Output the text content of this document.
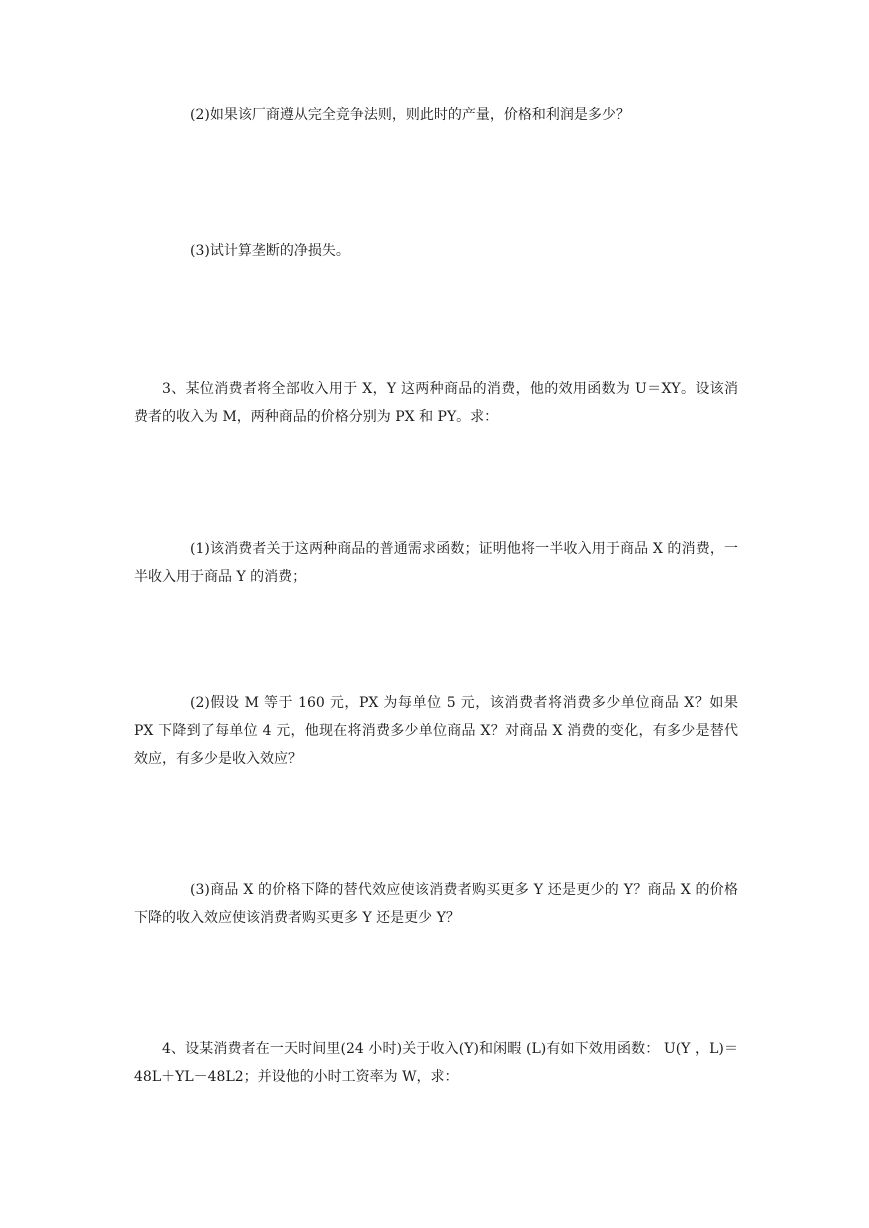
(2)如果该厂商遵从完全竞争法则，则此时的产量，价格和利润是多少？

(3)试计算垄断的净损失。

3、某位消费者将全部收入用于 X，Y 这两种商品的消费，他的效用函数为 U＝XY。设该消费者的收入为 M，两种商品的价格分别为 PX 和 PY。求：

(1)该消费者关于这两种商品的普通需求函数；证明他将一半收入用于商品 X 的消费，一半收入用于商品 Y 的消费；

(2)假设 M 等于 160 元，PX 为每单位 5 元，该消费者将消费多少单位商品 X？如果 PX 下降到了每单位 4 元，他现在将消费多少单位商品 X？对商品 X 消费的变化，有多少是替代效应，有多少是收入效应？

(3)商品 X 的价格下降的替代效应使该消费者购买更多 Y 还是更少的 Y？商品 X 的价格下降的收入效应使该消费者购买更多 Y 还是更少 Y？

4、设某消费者在一天时间里(24 小时)关于收入(Y)和闲暇 (L)有如下效用函数： U(Y ，L)＝ 48L＋YL－48L2；并设他的小时工资率为 W，求：
